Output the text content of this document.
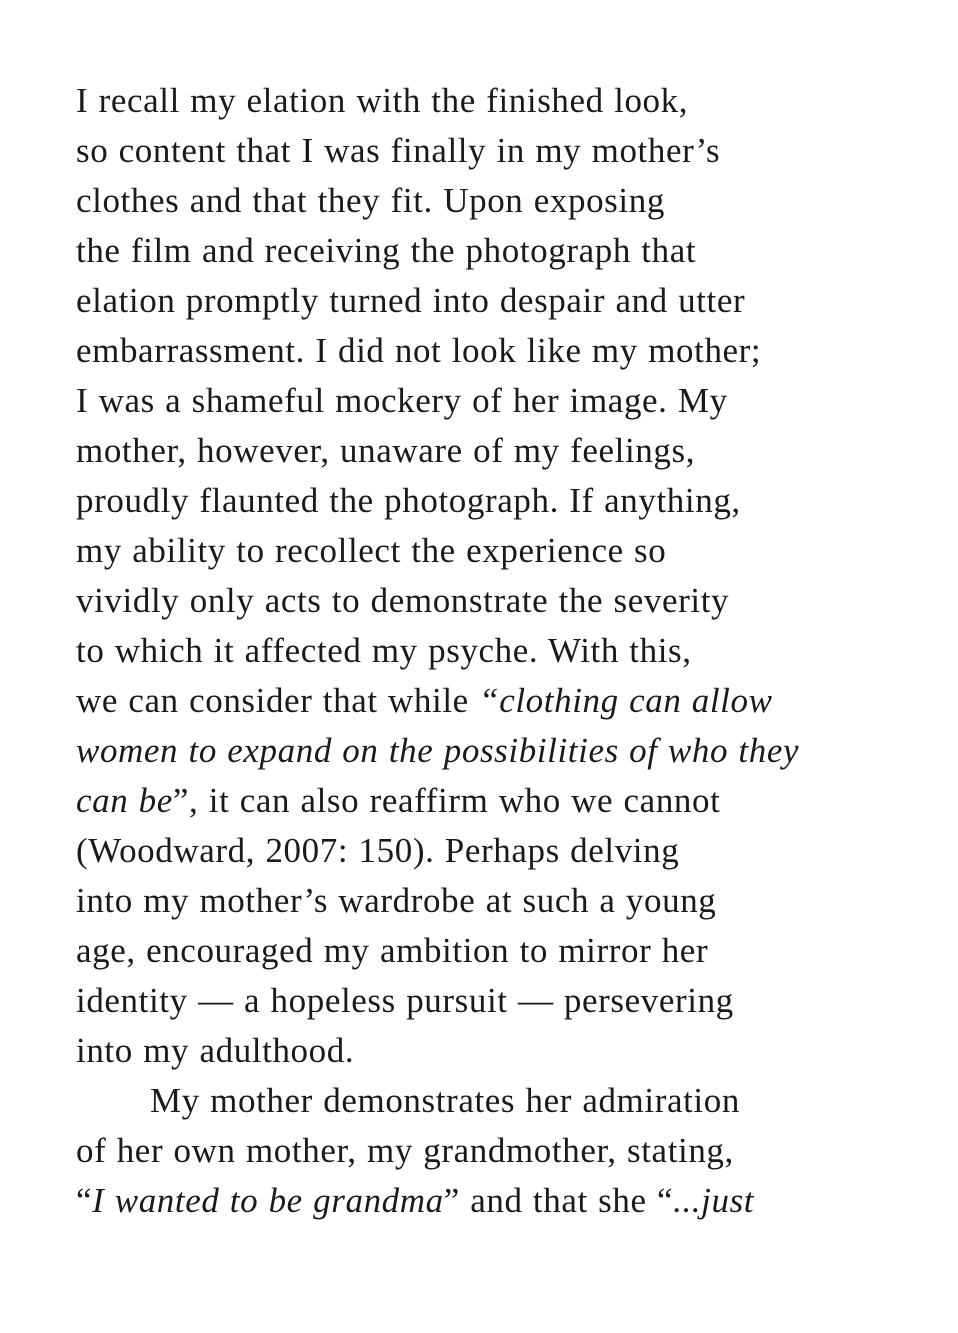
I recall my elation with the finished look,
so content that I was finally in my mother’s
clothes and that they fit. Upon exposing
the film and receiving the photograph that
elation promptly turned into despair and utter
embarrassment. I did not look like my mother;
I was a shameful mockery of her image. My
mother, however, unaware of my feelings,
proudly flaunted the photograph. If anything,
my ability to recollect the experience so
vividly only acts to demonstrate the severity
to which it affected my psyche. With this,
we can consider that while “clothing can allow
women to expand on the possibilities of who they
can be”, it can also reaffirm who we cannot
(Woodward, 2007: 150). Perhaps delving
into my mother’s wardrobe at such a young
age, encouraged my ambition to mirror her
identity — a hopeless pursuit — persevering
into my adulthood.
My mother demonstrates her admiration
of her own mother, my grandmother, stating,
“I wanted to be grandma” and that she “...just
